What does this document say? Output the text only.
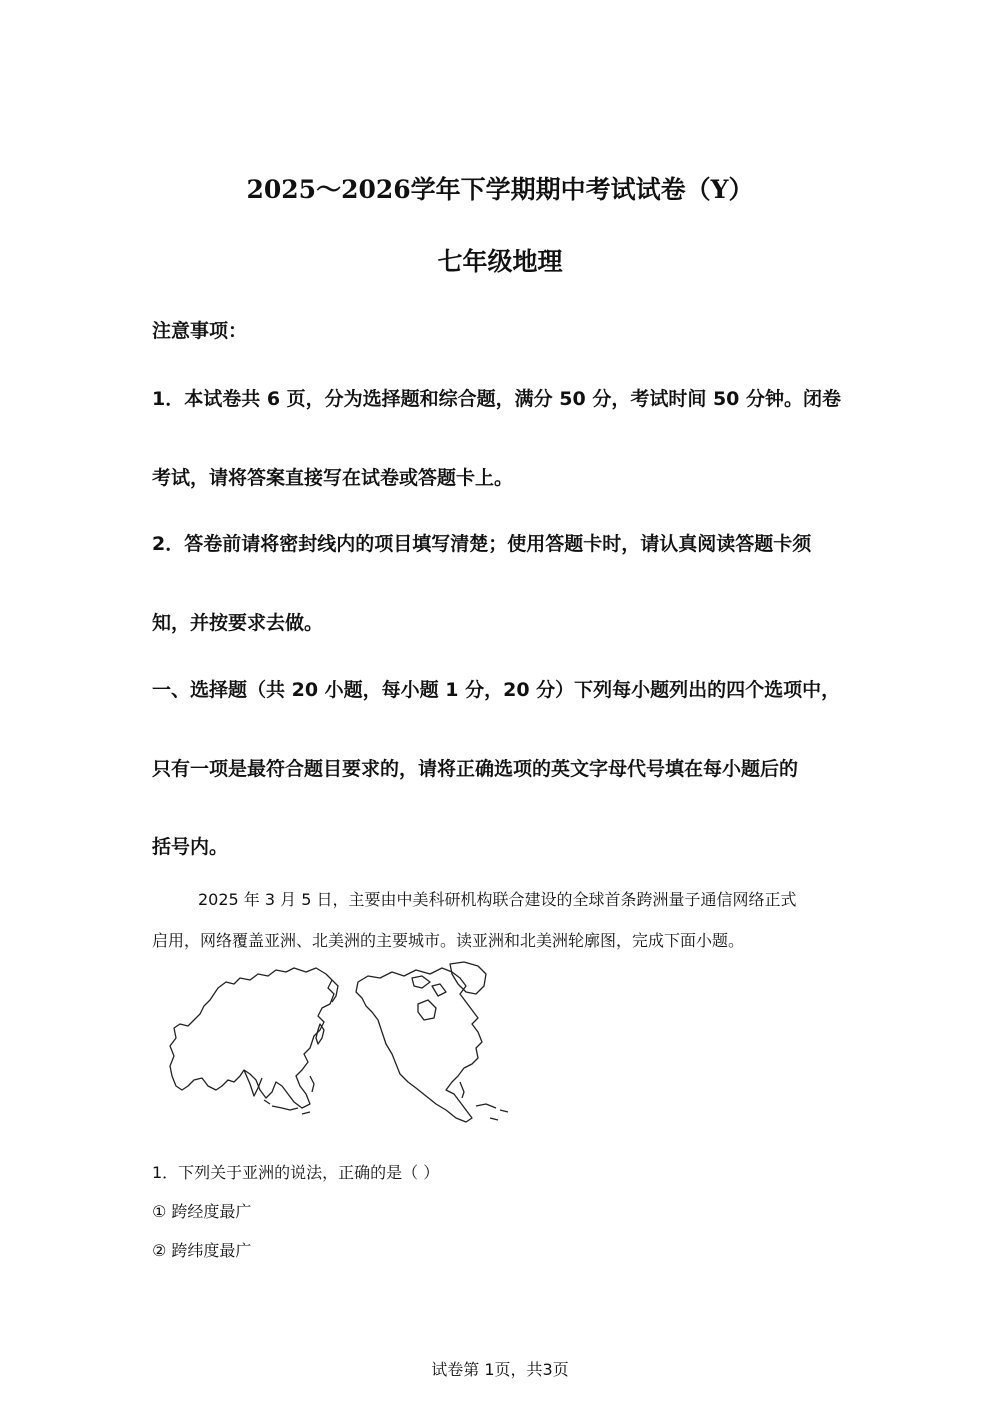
2025～2026学年下学期期中考试试卷（Y）
七年级地理
注意事项：
1．本试卷共 6 页，分为选择题和综合题，满分 50 分，考试时间 50 分钟。闭卷
考试，请将答案直接写在试卷或答题卡上。
2．答卷前请将密封线内的项目填写清楚；使用答题卡时，请认真阅读答题卡须
知，并按要求去做。
一、选择题（共 20 小题，每小题 1 分，20 分）下列每小题列出的四个选项中，
只有一项是最符合题目要求的，请将正确选项的英文字母代号填在每小题后的
括号内。
2025 年 3 月 5 日，主要由中美科研机构联合建设的全球首条跨洲量子通信网络正式
启用，网络覆盖亚洲、北美洲的主要城市。读亚洲和北美洲轮廓图，完成下面小题。
1．下列关于亚洲的说法，正确的是（ ）
① 跨经度最广
② 跨纬度最广
试卷第 1页，共3页
